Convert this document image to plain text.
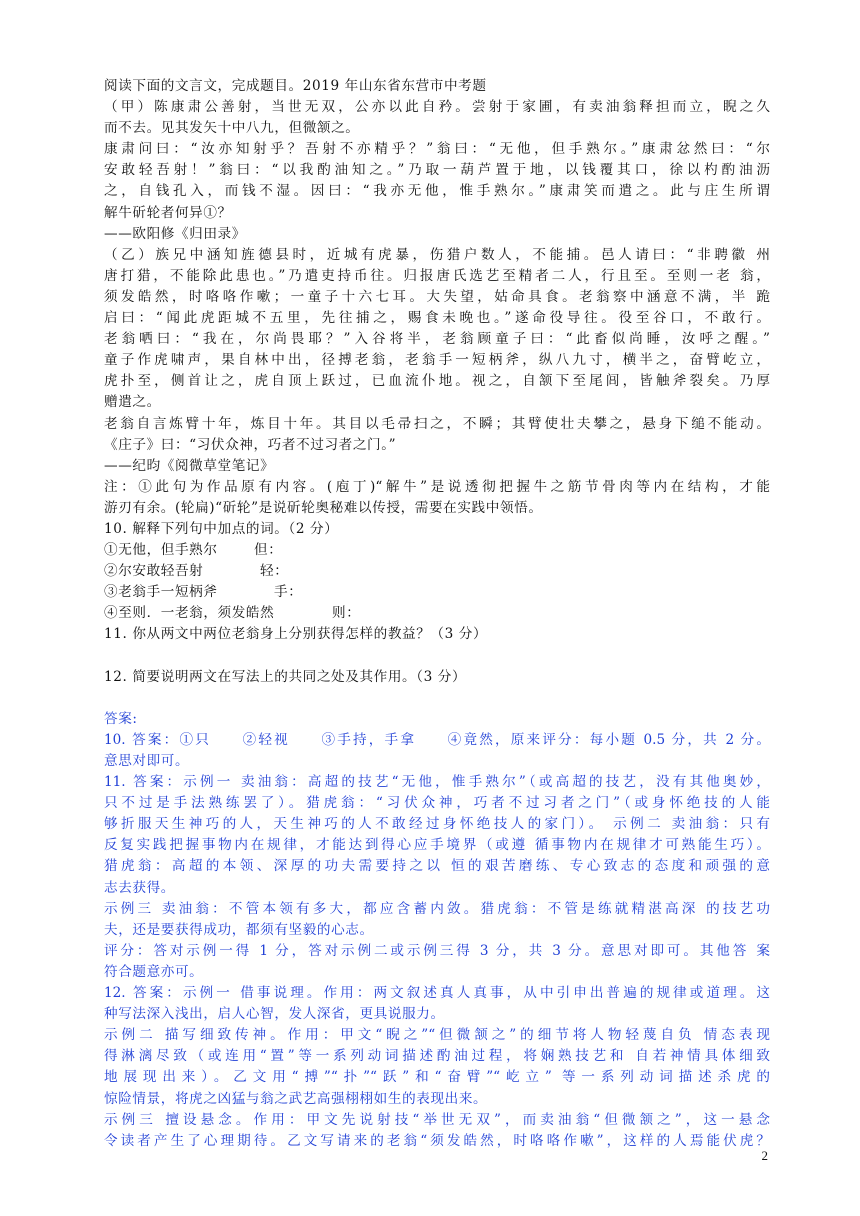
阅读下面的文言文，完成题目。2019 年山东省东营市中考题
（甲）陈康肃公善射，当世无双，公亦以此自矜。尝射于家圃，有卖油翁释担而立，睨之久
而不去。见其发矢十中八九，但微颔之。
康肃问曰：“汝亦知射乎？吾射不亦精乎？”翁曰：“无他，但手熟尔。”康肃忿然曰：“尔
安敢轻吾射！”翁曰：“以我酌油知之。”乃取一葫芦置于地，以钱覆其口，徐以杓酌油沥
之，自钱孔入，而钱不湿。因曰：“我亦无他，惟手熟尔。”康肃笑而遣之。此与庄生所谓
解牛斫轮者何异①？
——欧阳修《归田录》
（乙）族兄中涵知旌德县时，近城有虎暴，伤猎户数人，不能捕。邑人请曰：“非聘徽 州
唐打猎，不能除此患也。”乃遣吏持币往。归报唐氏选艺至精者二人，行且至。至则一老 翁，
须发皓然，时咯咯作嗽；一童子十六七耳。大失望，姑命具食。老翁察中涵意不满，半 跪
启曰：“闻此虎距城不五里，先往捕之，赐食未晚也。”遂命役导往。役至谷口，不敢行。
老翁哂曰：“我在，尔尚畏耶？”入谷将半，老翁顾童子曰：“此畜似尚睡，汝呼之醒。”
童子作虎啸声，果自林中出，径搏老翁，老翁手一短柄斧，纵八九寸，横半之，奋臂屹立，
虎扑至，侧首让之，虎自顶上跃过，已血流仆地。视之，自颔下至尾闾，皆触斧裂矣。乃厚
赠遣之。
老翁自言炼臂十年，炼目十年。其目以毛帚扫之，不瞬；其臂使壮夫攀之，悬身下缒不能动。
《庄子》曰：“习伏众神，巧者不过习者之门。”
——纪昀《阅微草堂笔记》
注：①此句为作品原有内容。(庖丁)“解牛”是说透彻把握牛之筋节骨肉等内在结构，才能
游刃有余。(轮扁)“斫轮”是说斫轮奥秘难以传授，需要在实践中领悟。
10. 解释下列句中加点的词。（2 分）
①无他，但手熟尔	但：
②尔安敢轻吾射	轻：
③老翁手一短柄斧	手：
④至则．一老翁，须发皓然	则：
11. 你从两文中两位老翁身上分别获得怎样的教益？（3 分）
12. 简要说明两文在写法上的共同之处及其作用。（3 分）
答案:
10. 答案：①只　　②轻视　　③手持，手拿　　④竟然，原来评分：每小题 0.5 分，共 2 分。
意思对即可。
11. 答案：示例一 卖油翁：高超的技艺“无他，惟手熟尔”（或高超的技艺，没有其他奥妙，
只不过是手法熟练罢了）。猎虎翁：“习伏众神，巧者不过习者之门”（或身怀绝技的人能
够折服天生神巧的人，天生神巧的人不敢经过身怀绝技人的家门）。 示例二 卖油翁：只有
反复实践把握事物内在规律，才能达到得心应手境界（或遵 循事物内在规律才可熟能生巧）。
猎虎翁：高超的本领、深厚的功夫需要持之以 恒的艰苦磨练、专心致志的态度和顽强的意
志去获得。
示例三 卖油翁：不管本领有多大，都应含蓄内敛。猎虎翁：不管是练就精湛高深 的技艺功
夫，还是要获得成功，都须有坚毅的心志。
评分：答对示例一得 1 分，答对示例二或示例三得 3 分，共 3 分。意思对即可。其他答 案
符合题意亦可。
12. 答案：示例一 借事说理。作用：两文叙述真人真事，从中引申出普遍的规律或道理。这
种写法深入浅出，启人心智，发人深省，更具说服力。
示例二 描写细致传神。作用：甲文“睨之”“但微颔之”的细节将人物轻蔑自负 情态表现
得淋漓尽致（或连用“置”等一系列动词描述酌油过程，将娴熟技艺和 自若神情具体细致
地展现出来）。乙文用“搏”“扑”“跃”和“奋臂”“屹立” 等一系列动词描述杀虎的
惊险情景，将虎之凶猛与翁之武艺高强栩栩如生的表现出来。
示例三 擅设悬念。作用：甲文先说射技“举世无双”，而卖油翁“但微颔之”，这一悬念
令读者产生了心理期待。乙文写请来的老翁“须发皓然，时咯咯作嗽”，这样的人焉能伏虎？
2
